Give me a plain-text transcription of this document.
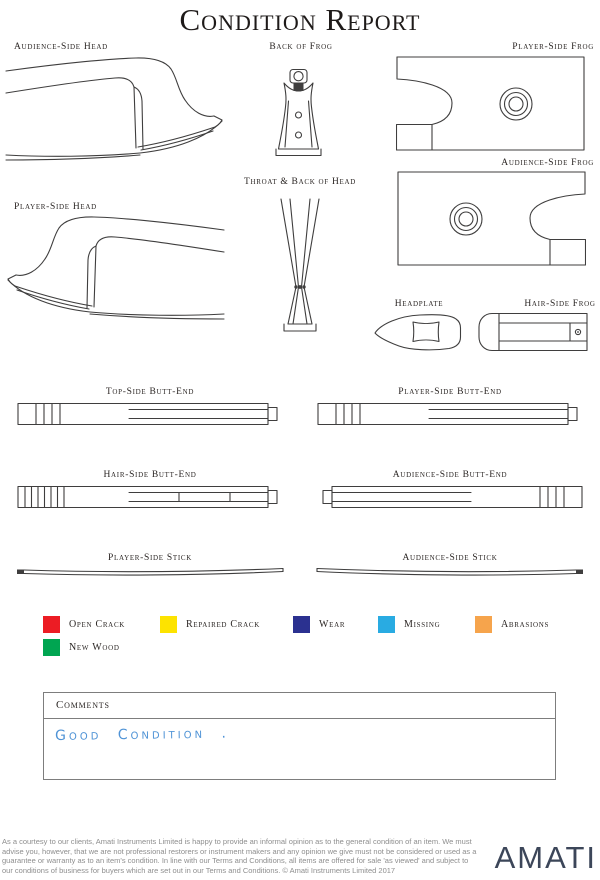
Condition Report
Audience-Side Head	Back of Frog	Player-Side Frog
Audience-Side Frog
Player-Side Head
Throat & Back of Head
Headplate	Hair-Side Frog
Top-Side Butt-End	Player-Side Butt-End
Hair-Side Butt-End	Audience-Side Butt-End
Player-Side Stick	Audience-Side Stick
Open Crack	Repaired Crack	Wear	Missing	Abrasions
New Wood
Comments
Good Condition .
As a courtesy to our clients, Amati Instruments Limited is happy to provide an informal opinion as to the general condition of an item. We must advise you, however, that we are not professional restorers or instrument makers and any opinion we give must not be considered or used as a guarantee or warranty as to an item's condition. In line with our Terms and Conditions, all items are offered for sale 'as viewed' and subject to our conditions of business for buyers which are set out in our Terms and Conditions. © Amati Instruments Limited 2017	AMATI
